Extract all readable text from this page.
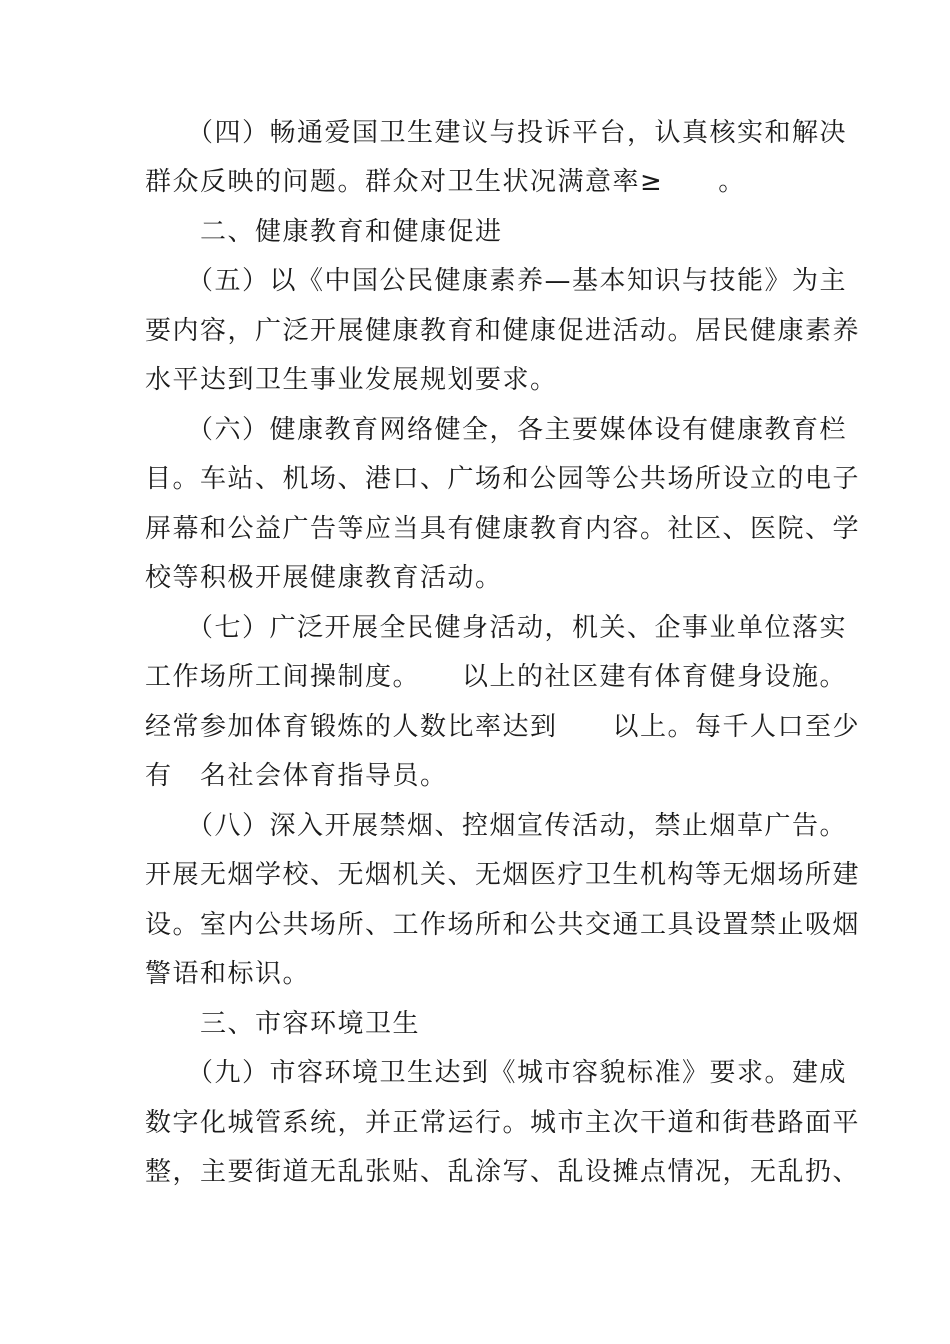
　　（四）畅通爱国卫生建议与投诉平台，认真核实和解决
群众反映的问题。群众对卫生状况满意率≥　　。
　　二、健康教育和健康促进
　　（五）以《中国公民健康素养—基本知识与技能》为主
要内容，广泛开展健康教育和健康促进活动。居民健康素养
水平达到卫生事业发展规划要求。
　　（六）健康教育网络健全，各主要媒体设有健康教育栏
目。车站、机场、港口、广场和公园等公共场所设立的电子
屏幕和公益广告等应当具有健康教育内容。社区、医院、学
校等积极开展健康教育活动。
　　（七）广泛开展全民健身活动，机关、企事业单位落实
工作场所工间操制度。　　以上的社区建有体育健身设施。
经常参加体育锻炼的人数比率达到　　以上。每千人口至少
有　名社会体育指导员。
　　（八）深入开展禁烟、控烟宣传活动，禁止烟草广告。
开展无烟学校、无烟机关、无烟医疗卫生机构等无烟场所建
设。室内公共场所、工作场所和公共交通工具设置禁止吸烟
警语和标识。
　　三、市容环境卫生
　　（九）市容环境卫生达到《城市容貌标准》要求。建成
数字化城管系统，并正常运行。城市主次干道和街巷路面平
整，主要街道无乱张贴、乱涂写、乱设摊点情况，无乱扔、
